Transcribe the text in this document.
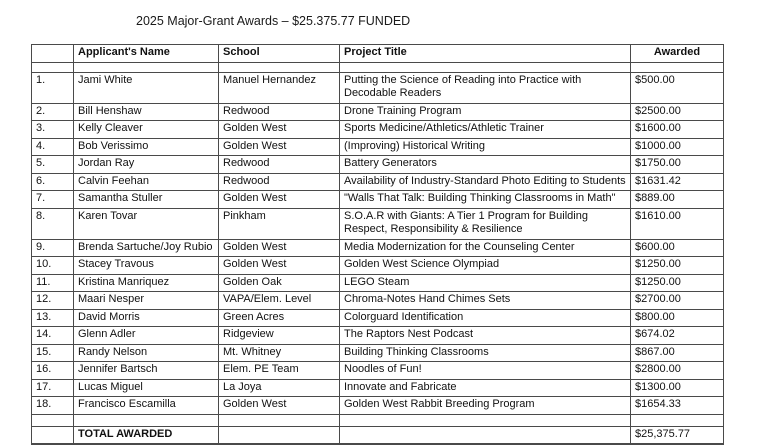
2025 Major-Grant Awards – $25.375.77 FUNDED
	Applicant's Name	School	Project Title	Awarded

1.	Jami White	Manuel Hernandez	Putting the Science of Reading into Practice with Decodable Readers	$500.00
2.	Bill Henshaw	Redwood	Drone Training Program	$2500.00
3.	Kelly Cleaver	Golden West	Sports Medicine/Athletics/Athletic Trainer	$1600.00
4.	Bob Verissimo	Golden West	(Improving) Historical Writing	$1000.00
5.	Jordan Ray	Redwood	Battery Generators	$1750.00
6.	Calvin Feehan	Redwood	Availability of Industry-Standard Photo Editing to Students	$1631.42
7.	Samantha Stuller	Golden West	"Walls That Talk: Building Thinking Classrooms in Math"	$889.00
8.	Karen Tovar	Pinkham	S.O.A.R with Giants: A Tier 1 Program for Building Respect, Responsibility & Resilience	$1610.00
9.	Brenda Sartuche/Joy Rubio	Golden West	Media Modernization for the Counseling Center	$600.00
10.	Stacey Travous	Golden West	Golden West Science Olympiad	$1250.00
11.	Kristina Manriquez	Golden Oak	LEGO Steam	$1250.00
12.	Maari Nesper	VAPA/Elem. Level	Chroma-Notes Hand Chimes Sets	$2700.00
13.	David Morris	Green Acres	Colorguard Identification	$800.00
14.	Glenn Adler	Ridgeview	The Raptors Nest Podcast	$674.02
15.	Randy Nelson	Mt. Whitney	Building Thinking Classrooms	$867.00
16.	Jennifer Bartsch	Elem. PE Team	Noodles of Fun!	$2800.00
17.	Lucas Miguel	La Joya	Innovate and Fabricate	$1300.00
18.	Francisco Escamilla	Golden West	Golden West Rabbit Breeding Program	$1654.33

	TOTAL AWARDED			$25,375.77
